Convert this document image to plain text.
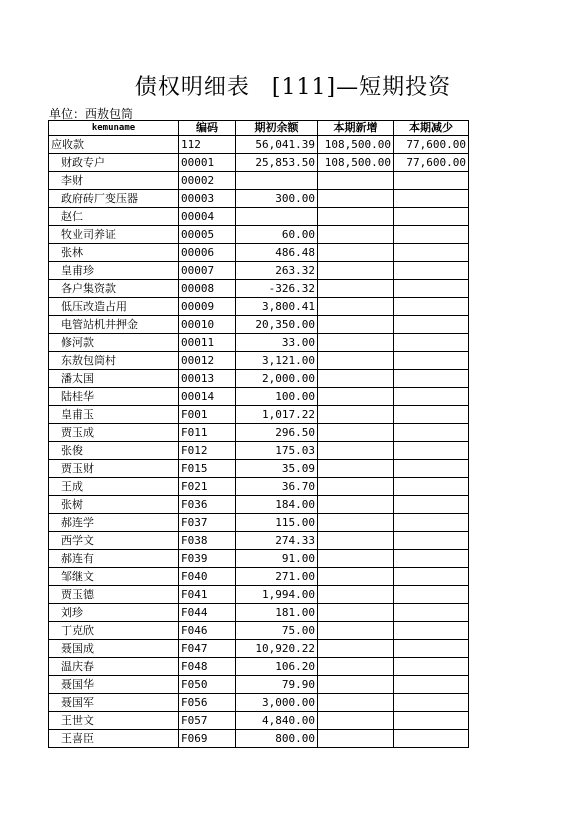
债权明细表 [111]—短期投资
单位：西敖包筒
kemuname	编码	期初余额	本期新增	本期减少
应收款	112	56,041.39	108,500.00	77,600.00
财政专户	00001	25,853.50	108,500.00	77,600.00
李财	00002			
政府砖厂变压器	00003	300.00		
赵仁	00004			
牧业司养证	00005	60.00		
张林	00006	486.48		
皇甫珍	00007	263.32		
各户集资款	00008	-326.32		
低压改造占用	00009	3,800.41		
电管站机井押金	00010	20,350.00		
修河款	00011	33.00		
东敖包筒村	00012	3,121.00		
潘太国	00013	2,000.00		
陆桂华	00014	100.00		
皇甫玉	F001	1,017.22		
贾玉成	F011	296.50		
张俊	F012	175.03		
贾玉财	F015	35.09		
王成	F021	36.70		
张树	F036	184.00		
郝连学	F037	115.00		
西学文	F038	274.33		
郝连有	F039	91.00		
邹继文	F040	271.00		
贾玉德	F041	1,994.00		
刘珍	F044	181.00		
丁克欣	F046	75.00		
聂国成	F047	10,920.22		
温庆春	F048	106.20		
聂国华	F050	79.90		
聂国军	F056	3,000.00		
王世文	F057	4,840.00		
王喜臣	F069	800.00		
